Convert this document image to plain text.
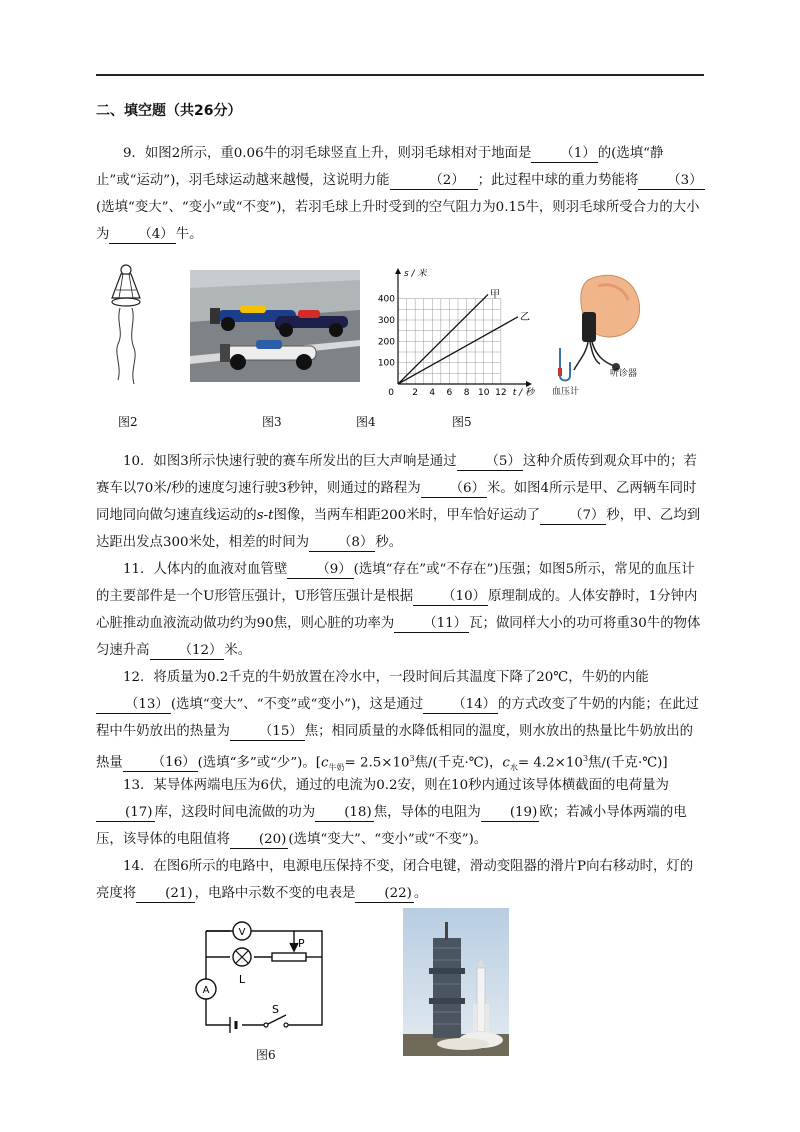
二、填空题（共26分）

9．如图2所示，重0.06牛的羽毛球竖直上升，则羽毛球相对于地面是 （1） 的(选填“静止”或“运动”)，羽毛球运动越来越慢，这说明力能	（2） ；此过程中球的重力势能将 （3）(选填“变大”、“变小”或“不变”)，若羽毛球上升时受到的空气阻力为0.15牛，则羽毛球所受合力的大小为 （4） 牛。

图2	图3
2 4 6 8 10 12
100
200
300
400
0	t / 秒
s / 米
甲
乙
图4
听诊器
血压计
图5

10．如图3所示快速行驶的赛车所发出的巨大声响是通过 （5） 这种介质传到观众耳中的；若赛车以70米/秒的速度匀速行驶3秒钟，则通过的路程为 （6） 米。如图4所示是甲、乙两辆车同时同地同向做匀速直线运动的s-t图像，当两车相距200米时，甲车恰好运动了 （7） 秒，甲、乙均到达距出发点300米处，相差的时间为 （8） 秒。

11．人体内的血液对血管壁 （9） (选填“存在”或“不存在”)压强；如图5所示，常见的血压计的主要部件是一个U形管压强计，U形管压强计是根据 （10） 原理制成的。人体安静时，1分钟内心脏推动血液流动做功约为90焦，则心脏的功率为 （11） 瓦；做同样大小的功可将重30牛的物体匀速升高 （12） 米。

12．将质量为0.2千克的牛奶放置在冷水中，一段时间后其温度下降了20℃，牛奶的内能（13） (选填“变大”、“不变”或“变小”)，这是通过 （14） 的方式改变了牛奶的内能；在此过程中牛奶放出的热量为 （15） 焦；相同质量的水降低相同的温度，则水放出的热量比牛奶放出的热量 （16） (选填“多”或“少”)。[$c_{牛奶}= 2.5\times 10^3$焦/(千克·℃)，$c_水= 4.2\times 10^3$焦/(千克·℃)]

13．某导体两端电压为6伏，通过的电流为0.2安，则在10秒内通过该导体横截面的电荷量为(17) 库，这段时间电流做的功为 (18) 焦，导体的电阻为 (19) 欧；若减小导体两端的电压，该导体的电阻值将 (20) (选填“变大”、“变小”或“不变”)。

14．在图6所示的电路中，电源电压保持不变，闭合电键，滑动变阻器的滑片P向右移动时，灯的亮度将 (21) ，电路中示数不变的电表是 (22) 。

V
L
P
A
S
图6
